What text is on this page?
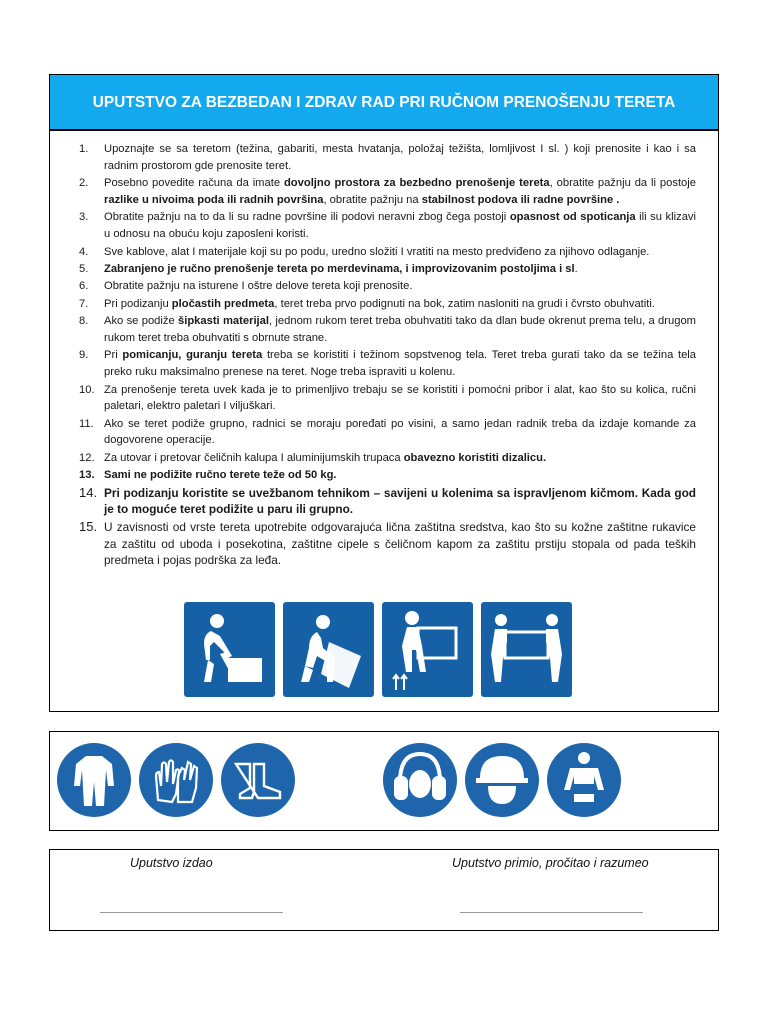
UPUTSTVO ZA BEZBEDAN I ZDRAV RAD PRI RUČNOM PRENOŠENJU TERETA
1. Upoznajte se sa teretom (težina, gabariti, mesta hvatanja, položaj težišta, lomljivost I sl. ) koji prenosite i kao i sa radnim prostorom gde prenosite teret.
2. Posebno povedite računa da imate dovoljno prostora za bezbedno prenošenje tereta, obratite pažnju da li postoje razlike u nivoima poda ili radnih površina, obratite pažnju na stabilnost podova ili radne površine .
3. Obratite pažnju na to da li su radne površine ili podovi neravni zbog čega postoji opasnost od spoticanja ili su klizavi u odnosu na obuću koju zaposleni koristi.
4. Sve kablove, alat I materijale koji su po podu, uredno složiti I vratiti na mesto predviđeno za njihovo odlaganje.
5. Zabranjeno je ručno prenošenje tereta po merdevinama, i improvizovanim postoljima i sl.
6. Obratite pažnju na isturene I oštre delove tereta koji prenosite.
7. Pri podizanju pločastih predmeta, teret treba prvo podignuti na bok, zatim nasloniti na grudi i čvrsto obuhvatiti.
8. Ako se podiže šipkasti materijal, jednom rukom teret treba obuhvatiti tako da dlan bude okrenut prema telu, a drugom rukom teret treba obuhvatiti s obrnute strane.
9. Pri pomicanju, guranju tereta treba se koristiti i težinom sopstvenog tela. Teret treba gurati tako da se težina tela preko ruku maksimalno prenese na teret. Noge treba ispraviti u kolenu.
10. Za prenošenje tereta uvek kada je to primenljivo trebaju se se koristiti i pomoćni pribor i alat, kao što su kolica, ručni paletari, elektro paletari I viljuškari.
11. Ako se teret podiže grupno, radnici se moraju poređati po visini, a samo jedan radnik treba da izdaje komande za dogovorene operacije.
12. Za utovar i pretovar čeličnih kalupa I aluminijumskih trupaca obavezno koristiti dizalicu.
13. Sami ne podižite ručno terete teže od 50 kg.
14. Pri podizanju koristite se uvežbanom tehnikom – savijeni u kolenima sa ispravljenom kičmom. Kada god je to moguće teret podižite u paru ili grupno.
15. U zavisnosti od vrste tereta upotrebite odgovarajuća lična zaštitna sredstva, kao što su kožne zaštitne rukavice za zaštitu od uboda i posekotina, zaštitne cipele s čeličnom kapom za zaštitu prstiju stopala od pada teških predmeta i pojas podrška za leđa.
Uputstvo izdao	Uputstvo primio, pročitao i razumeo
